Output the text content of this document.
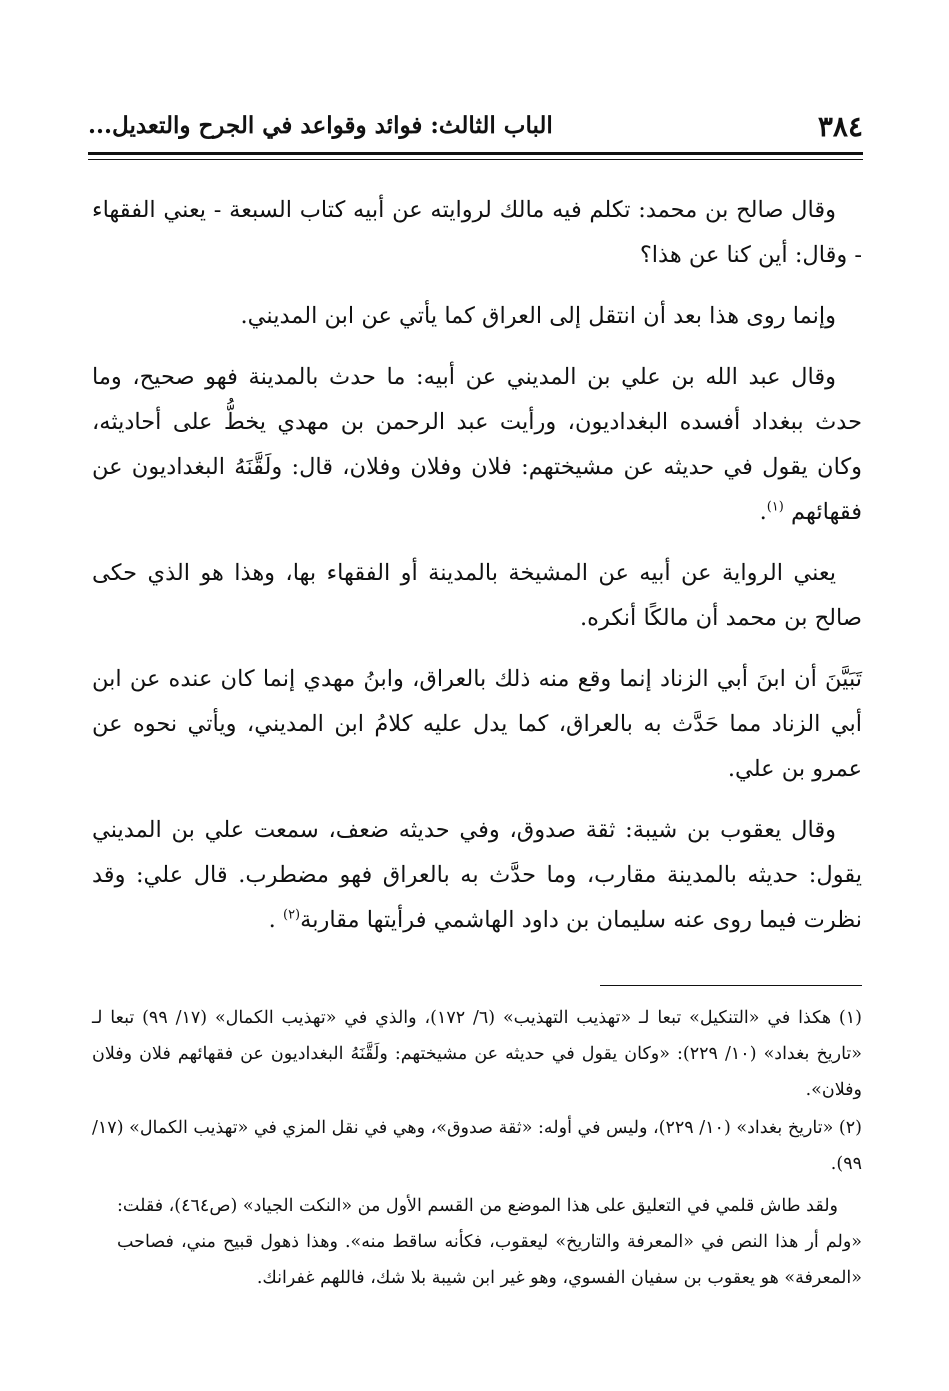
٣٨٤
الباب الثالث: فوائد وقواعد في الجرح والتعديل...

وقال صالح بن محمد: تكلم فيه مالك لروايته عن أبيه كتاب السبعة - يعني الفقهاء - وقال: أين كنا عن هذا؟

وإنما روى هذا بعد أن انتقل إلى العراق كما يأتي عن ابن المديني.

وقال عبد الله بن علي بن المديني عن أبيه: ما حدث بالمدينة فهو صحيح، وما حدث ببغداد أفسده البغداديون، ورأيت عبد الرحمن بن مهدي يخطُّ على أحاديثه، وكان يقول في حديثه عن مشيختهم: فلان وفلان وفلان، قال: ولَقَّنَهُ البغداديون عن فقهائهم $^{(١)}$.

يعني الرواية عن أبيه عن المشيخة بالمدينة أو الفقهاء بها، وهذا هو الذي حكى صالح بن محمد أن مالكًا أنكره.

تَبَيَّنَ أن ابنَ أبي الزناد إنما وقع منه ذلك بالعراق، وابنُ مهدي إنما كان عنده عن ابن أبي الزناد مما حَدَّث به بالعراق، كما يدل عليه كلامُ ابن المديني، ويأتي نحوه عن عمرو بن علي.

وقال يعقوب بن شيبة: ثقة صدوق، وفي حديثه ضعف، سمعت علي بن المديني يقول: حديثه بالمدينة مقارب، وما حدَّث به بالعراق فهو مضطرب. قال علي: وقد نظرت فيما روى عنه سليمان بن داود الهاشمي فرأيتها مقاربة$^{(٢)}$ .

(١) هكذا في «التنكيل» تبعا لـ «تهذيب التهذيب» (٦/ ١٧٢)، والذي في «تهذيب الكمال» (١٧/ ٩٩) تبعا لـ «تاريخ بغداد» (١٠/ ٢٢٩): «وكان يقول في حديثه عن مشيختهم: ولَقَّنَهُ البغداديون عن فقهائهم فلان وفلان وفلان».

(٢) «تاريخ بغداد» (١٠/ ٢٢٩)، وليس في أوله: «ثقة صدوق»، وهي في نقل المزي في «تهذيب الكمال» (١٧/ ٩٩).

ولقد طاش قلمي في التعليق على هذا الموضع من القسم الأول من «النكت الجياد» (ص٤٦٤)، فقلت: «ولم أر هذا النص في «المعرفة والتاريخ» ليعقوب، فكأنه ساقط منه». وهذا ذهول قبيح مني، فصاحب «المعرفة» هو يعقوب بن سفيان الفسوي، وهو غير ابن شيبة بلا شك، فاللهم غفرانك.
